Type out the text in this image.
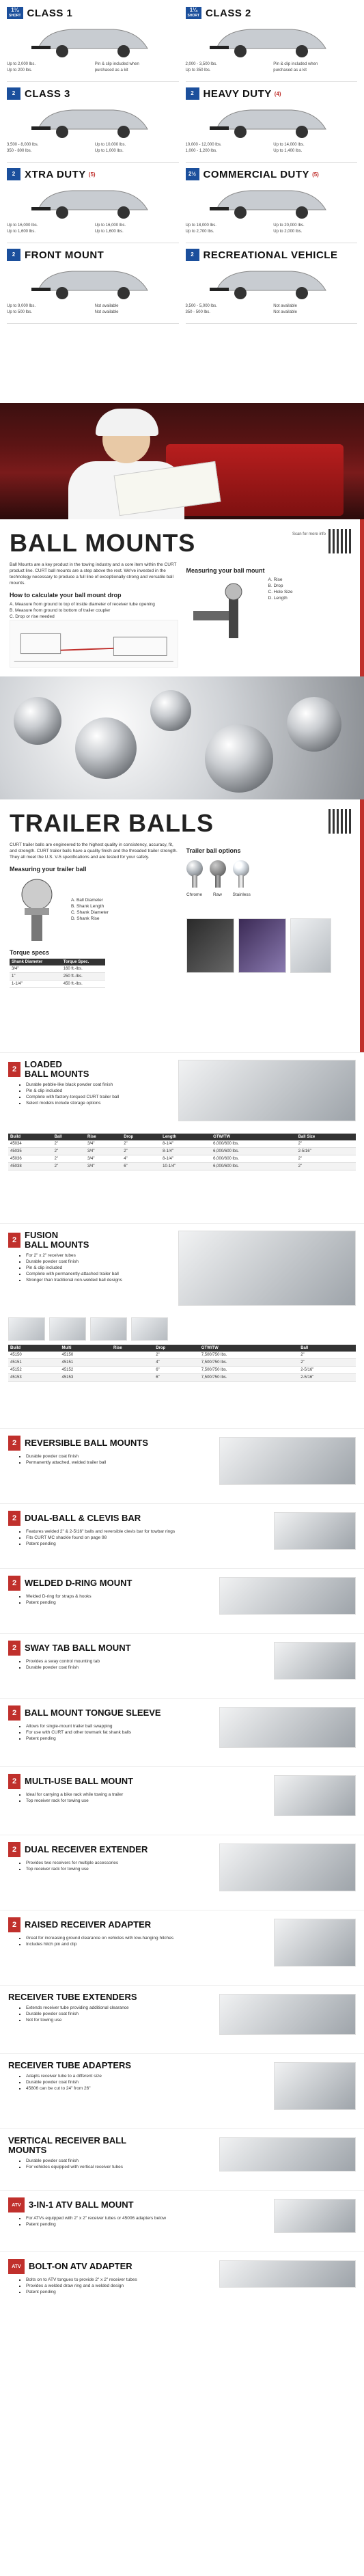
1¼
SHORT CLASS 1
Up to 2,000 lbs.	Pin & clip included when
Up to 200 lbs.	purchased as a kit
1¼
SHORT CLASS 2
2,000 - 3,500 lbs.	Pin & clip included when
Up to 350 lbs.	purchased as a kit
2 CLASS 3
3,500 - 8,000 lbs.	Up to 10,000 lbs.
350 - 800 lbs.	Up to 1,000 lbs.
2 HEAVY DUTY (4)
10,000 - 12,000 lbs.	Up to 14,000 lbs.
1,000 - 1,200 lbs.	Up to 1,400 lbs.
2 XTRA DUTY (5)
Up to 16,000 lbs.	Up to 16,000 lbs.
Up to 1,600 lbs.	Up to 1,600 lbs.
2½ COMMERCIAL DUTY (5)
Up to 18,000 lbs.	Up to 20,000 lbs.
Up to 2,700 lbs.	Up to 2,000 lbs.
2 FRONT MOUNT
Up to 9,000 lbs.	Not available
Up to 500 lbs.	Not available
2 RECREATIONAL VEHICLE
3,500 - 5,000 lbs.	Not available
350 - 500 lbs.	Not available
BALL MOUNTS	Scan for more info

Ball Mounts are a key product in the towing industry and a core item within the CURT product line. CURT ball mounts are a step above the rest. We've invested in the technology necessary to produce a full line of exceptionally strong and versatile ball mounts.

How to calculate your ball mount drop
A. Measure from ground to top of inside diameter of receiver tube opening
B. Measure from ground to bottom of trailer coupler
C. Drop or rise needed
Measuring your ball mount
A. Rise
B. Drop
C. Hole Size
D. Length
TRAILER BALLS

CURT trailer balls are engineered to the highest quality in consistency, accuracy, fit, and strength. CURT trailer balls have a quality finish and the threaded trailer strength. They all meet the U.S. V-5 specifications and are tested for your safety.

Measuring your trailer ball
A. Ball Diameter
B. Shank Length
C. Shank Diameter
D. Shank Rise
Torque specs
Shank Diameter	Torque Spec.
3/4"	160 ft.-lbs.
1"	250 ft.-lbs.
1-1/4"	450 ft.-lbs.
Trailer ball options
Chrome	Raw	Stainless
2 LOADED
BALL MOUNTS
▪ Durable pebble-like black powder coat finish
▪ Pin & clip included
▪ Complete with factory-torqued CURT trailer ball
▪ Select models include storage options
Build	Ball	Rise	Drop	Length	GTW/TW	Ball Size
45034	2"	3/4"	2"	8-1/4"	6,000/600 lbs.	2"
45035	2"	3/4"	2"	8-1/4"	6,000/600 lbs.	2-5/16"
45036	2"	3/4"	4"	8-1/4"	6,000/600 lbs.	2"
45038	2"	3/4"	6"	10-1/4"	6,000/600 lbs.	2"
2 FUSION
BALL MOUNTS
▪ For 2" x 2" receiver tubes
▪ Durable powder coat finish
▪ Pin & clip included
▪ Complete with permanently-attached trailer ball
▪ Stronger than traditional non-welded ball designs
Build	Multi	Rise	Drop	GTW/TW	Ball
45150	45150		2"	7,500/750 lbs.	2"
45151	45151		4"	7,500/750 lbs.	2"
45152	45152		6"	7,500/750 lbs.	2-5/16"
45153	45153		6"	7,500/750 lbs.	2-5/16"
2 REVERSIBLE BALL MOUNTS
▪ Durable powder coat finish
▪ Permanently attached, welded trailer ball
2 DUAL-BALL & CLEVIS BAR
▪ Features welded 2" & 2-5/16" balls and reversible clevis bar for towbar rings
▪ Fits CURT MC shackle found on page 98
▪ Patent pending
2 WELDED D-RING MOUNT
▪ Welded D-ring for straps & hooks
▪ Patent pending
2 SWAY TAB BALL MOUNT
▪ Provides a sway control mounting tab
▪ Durable powder coat finish
2 BALL MOUNT TONGUE SLEEVE
▪ Allows for single-mount trailer ball swapping
▪ For use with CURT and other towmark fat shank balls
▪ Patent pending
2 MULTI-USE BALL MOUNT
▪ Ideal for carrying a bike rack while towing a trailer
▪ Top receiver rack for towing use
2 DUAL RECEIVER EXTENDER
▪ Provides two receivers for multiple accessories
▪ Top receiver rack for towing use
2 RAISED RECEIVER ADAPTER
▪ Great for increasing ground clearance on vehicles with low-hanging hitches
▪ Includes hitch pin and clip
RECEIVER TUBE EXTENDERS
▪ Extends receiver tube providing additional clearance
▪ Durable powder coat finish
▪ Not for towing use
RECEIVER TUBE ADAPTERS
▪ Adapts receiver tube to a different size
▪ Durable powder coat finish
▪ 45806 can be cut to 24" from 26"
VERTICAL RECEIVER BALL MOUNTS
▪ Durable powder coat finish
▪ For vehicles equipped with vertical receiver tubes
ATV 3-IN-1 ATV BALL MOUNT
▪ For ATVs equipped with 2" x 2" receiver tubes or 45006 adapters below
▪ Patent pending
ATV BOLT-ON ATV ADAPTER
▪ Bolts on to ATV tongues to provide 2" x 2" receiver tubes
▪ Provides a welded draw ring and a welded design
▪ Patent pending
